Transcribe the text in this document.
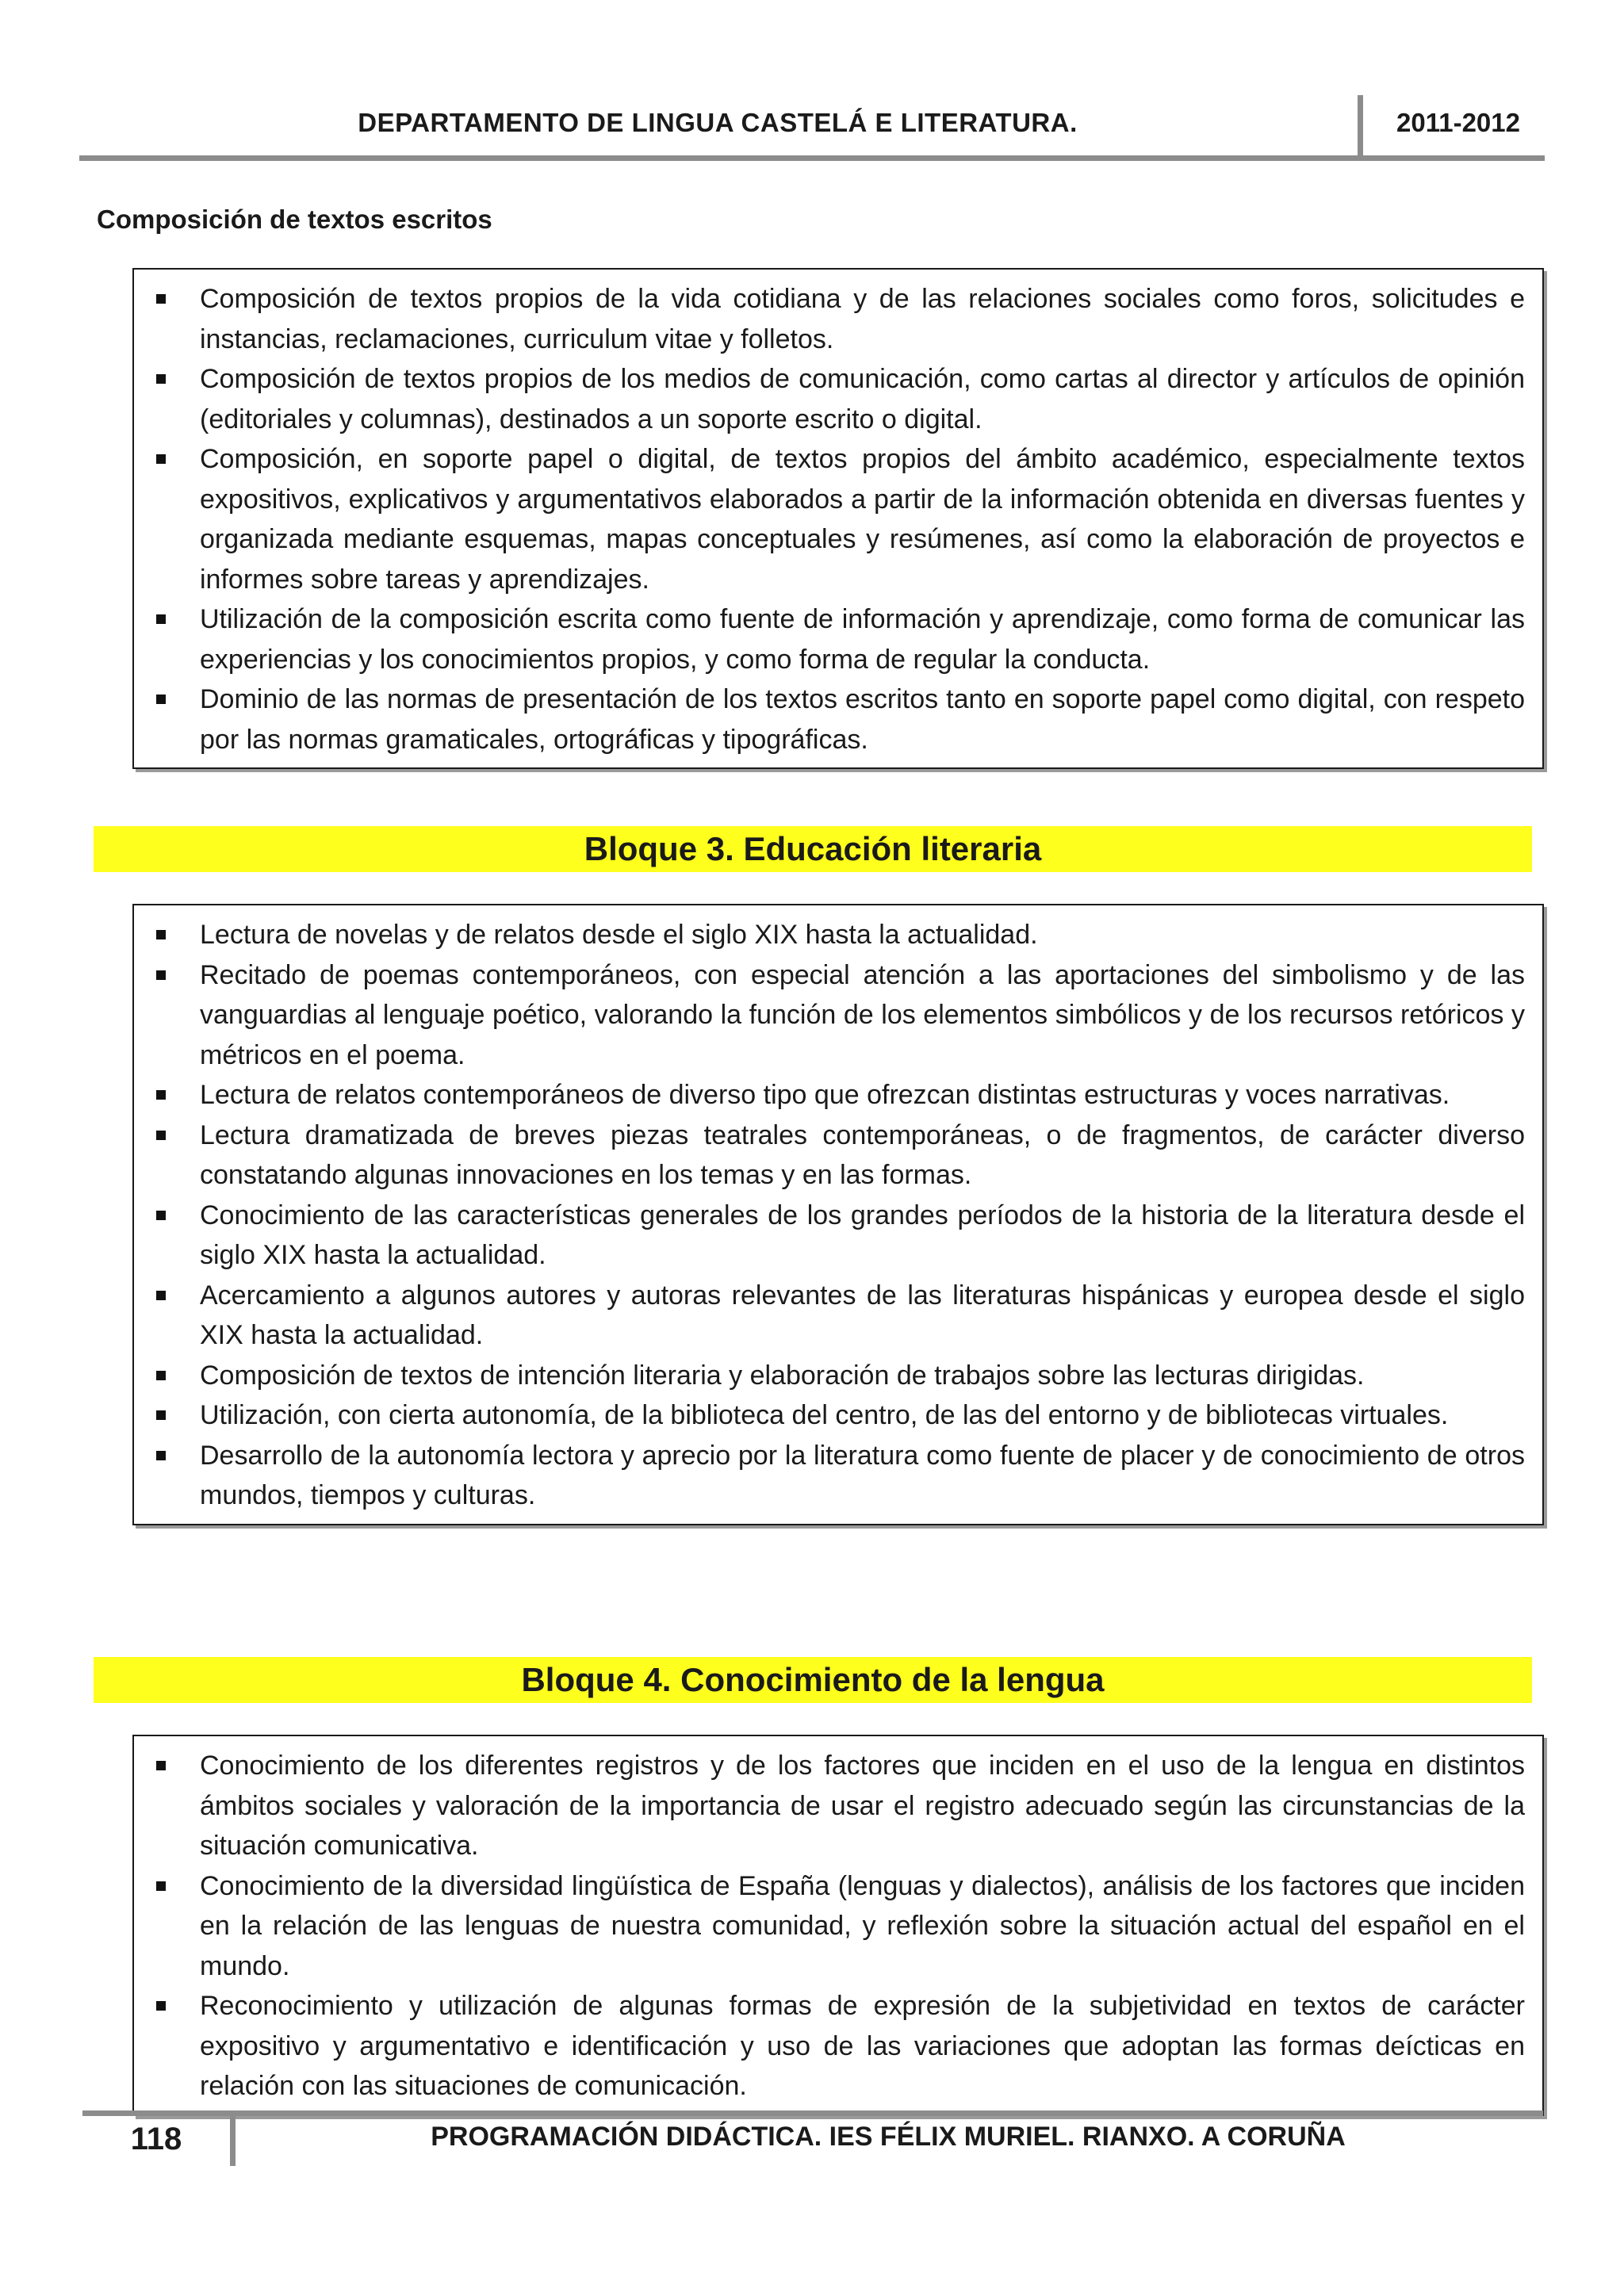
DEPARTAMENTO DE LINGUA CASTELÁ E LITERATURA.	2011-2012
Composición de textos escritos
Composición de textos propios de la vida cotidiana y de las relaciones sociales como foros, solicitudes e instancias, reclamaciones, curriculum vitae y folletos.
Composición de textos propios de los medios de comunicación, como cartas al director y artículos de opinión (editoriales y columnas), destinados a un soporte escrito o digital.
Composición, en soporte papel o digital, de textos propios del ámbito académico, especialmente textos expositivos, explicativos y argumentativos elaborados a partir de la información obtenida en diversas fuentes y organizada mediante esquemas, mapas conceptuales y resúmenes, así como la elaboración de proyectos e informes sobre tareas y aprendizajes.
Utilización de la composición escrita como fuente de información y aprendizaje, como forma de comunicar las experiencias y los conocimientos propios, y como forma de regular la conducta.
Dominio de las normas de presentación de los textos escritos tanto en soporte papel como digital, con respeto por las normas gramaticales, ortográficas y tipográficas.
Bloque 3. Educación literaria
Lectura de novelas y de relatos desde el siglo XIX hasta la actualidad.
Recitado de poemas contemporáneos, con especial atención a las aportaciones del simbolismo y de las vanguardias al lenguaje poético, valorando la función de los elementos simbólicos y de los recursos retóricos y métricos en el poema.
Lectura de relatos contemporáneos de diverso tipo que ofrezcan distintas estructuras y voces narrativas.
Lectura dramatizada de breves piezas teatrales contemporáneas, o de fragmentos, de carácter diverso constatando algunas innovaciones en los temas y en las formas.
Conocimiento de las características generales de los grandes períodos de la historia de la literatura desde el siglo XIX hasta la actualidad.
Acercamiento a algunos autores y autoras relevantes de las literaturas hispánicas y europea desde el siglo XIX hasta la actualidad.
Composición de textos de intención literaria y elaboración de trabajos sobre las lecturas dirigidas.
Utilización, con cierta autonomía, de la biblioteca del centro, de las del entorno y de bibliotecas virtuales.
Desarrollo de la autonomía lectora y aprecio por la literatura como fuente de placer y de conocimiento de otros mundos, tiempos y culturas.
Bloque 4. Conocimiento de la lengua
Conocimiento de los diferentes registros y de los factores que inciden en el uso de la lengua en distintos ámbitos sociales y valoración de la importancia de usar el registro adecuado según las circunstancias de la situación comunicativa.
Conocimiento de la diversidad lingüística de España (lenguas y dialectos), análisis de los factores que inciden en la relación de las lenguas de nuestra comunidad, y reflexión sobre la situación actual del español en el mundo.
Reconocimiento y utilización de algunas formas de expresión de la subjetividad en textos de carácter expositivo y argumentativo e identificación y uso de las variaciones que adoptan las formas deícticas en relación con las situaciones de comunicación.
118	PROGRAMACIÓN DIDÁCTICA. IES FÉLIX MURIEL. RIANXO. A CORUÑA
